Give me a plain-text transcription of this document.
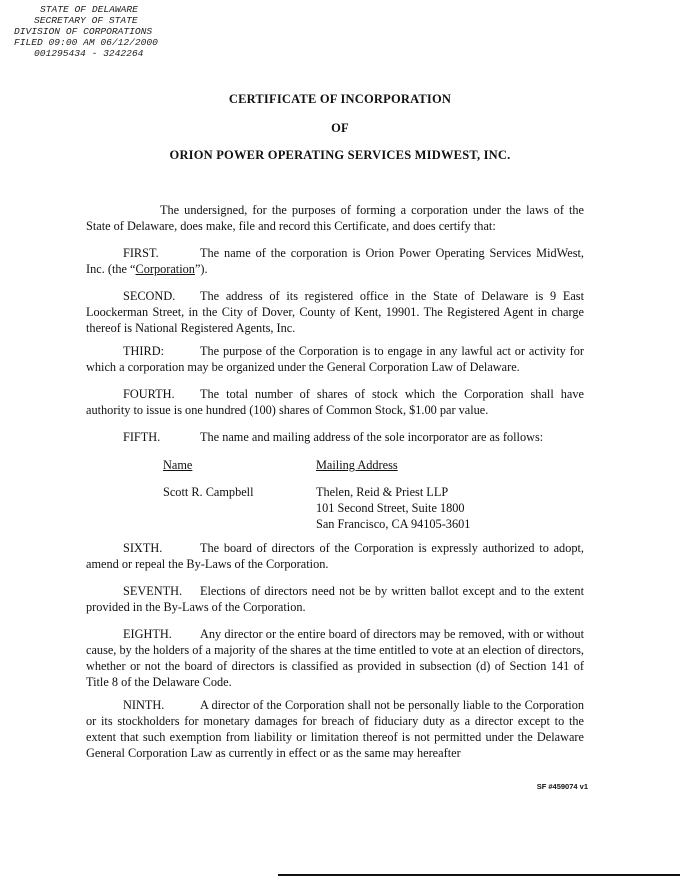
STATE OF DELAWARE
SECRETARY OF STATE
DIVISION OF CORPORATIONS
FILED 09:00 AM 06/12/2000
001295434 - 3242264
CERTIFICATE OF INCORPORATION
OF
ORION POWER OPERATING SERVICES MIDWEST, INC.
The undersigned, for the purposes of forming a corporation under the laws of the State of Delaware, does make, file and record this Certificate, and does certify that:
FIRST.	The name of the corporation is Orion Power Operating Services MidWest, Inc. (the “Corporation”).
SECOND. The address of its registered office in the State of Delaware is 9 East Loockerman Street, in the City of Dover, County of Kent, 19901. The Registered Agent in charge thereof is National Registered Agents, Inc.
THIRD:	The purpose of the Corporation is to engage in any lawful act or activity for which a corporation may be organized under the General Corporation Law of Delaware.
FOURTH. The total number of shares of stock which the Corporation shall have authority to issue is one hundred (100) shares of Common Stock, $1.00 par value.
FIFTH.	The name and mailing address of the sole incorporator are as follows:
Name	Mailing Address
Scott R. Campbell	Thelen, Reid & Priest LLP
101 Second Street, Suite 1800
San Francisco, CA 94105-3601
SIXTH.	The board of directors of the Corporation is expressly authorized to adopt, amend or repeal the By-Laws of the Corporation.
SEVENTH. Elections of directors need not be by written ballot except and to the extent provided in the By-Laws of the Corporation.
EIGHTH. Any director or the entire board of directors may be removed, with or without cause, by the holders of a majority of the shares at the time entitled to vote at an election of directors, whether or not the board of directors is classified as provided in subsection (d) of Section 141 of Title 8 of the Delaware Code.
NINTH.	A director of the Corporation shall not be personally liable to the Corporation or its stockholders for monetary damages for breach of fiduciary duty as a director except to the extent that such exemption from liability or limitation thereof is not permitted under the Delaware General Corporation Law as currently in effect or as the same may hereafter
SF #459074 v1
